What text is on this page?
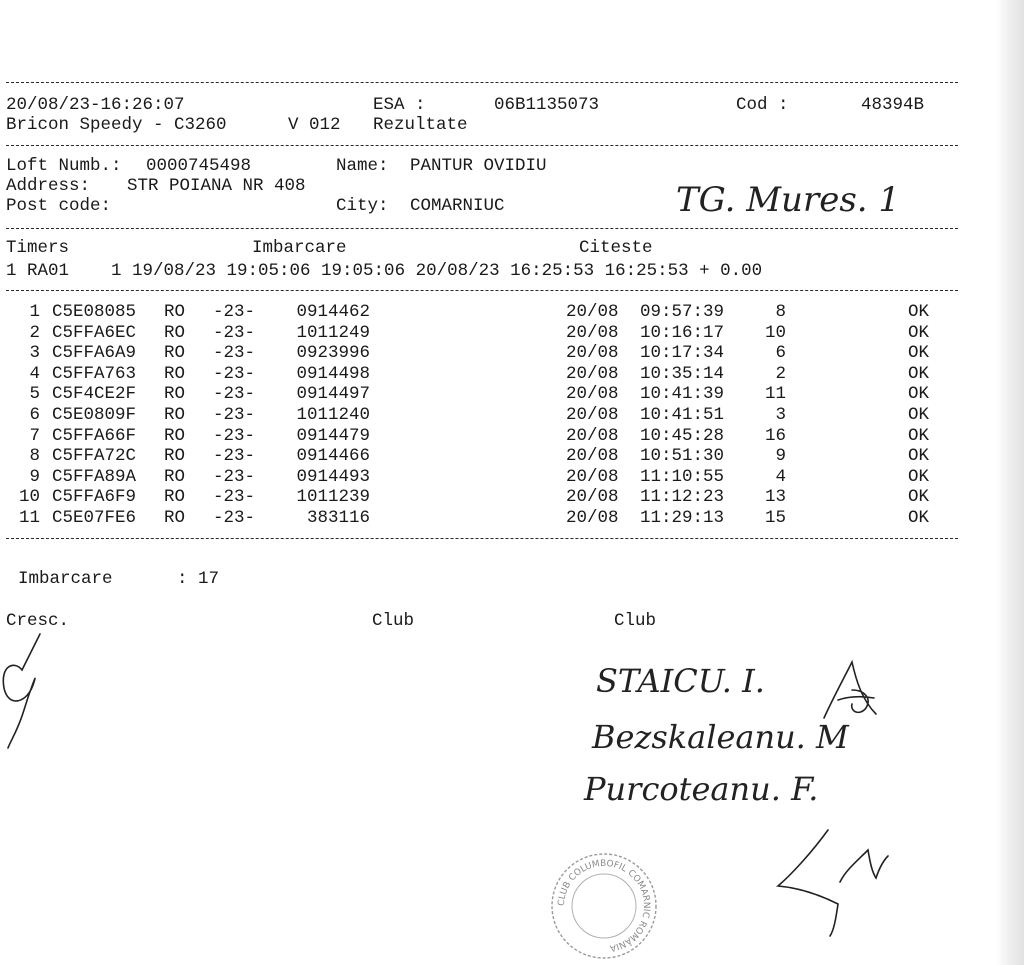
20/08/23-16:26:07	ESA :	06B1135073	Cod :	48394B
Bricon Speedy - C3260	V 012 Rezultate
Loft Numb.: 0000745498	Name: PANTUR OVIDIU
Address: STR POIANA NR 408
Post code:	City: COMARNIUC	TG. Mures. 1
Timers	Imbarcare	Citeste
1 RA01    1 19/08/23 19:05:06 19:05:06 20/08/23 16:25:53 16:25:53 + 0.00
1 C5E08085 RO -23-	0914462	20/08 09:57:39	8	OK
2 C5FFA6EC RO -23-	1011249	20/08 10:16:17	10	OK
3 C5FFA6A9 RO -23-	0923996	20/08 10:17:34	6	OK
4 C5FFA763 RO -23-	0914498	20/08 10:35:14	2	OK
5 C5F4CE2F RO -23-	0914497	20/08 10:41:39	11	OK
6 C5E0809F RO -23-	1011240	20/08 10:41:51	3	OK
7 C5FFA66F RO -23-	0914479	20/08 10:45:28	16	OK
8 C5FFA72C RO -23-	0914466	20/08 10:51:30	9	OK
9 C5FFA89A RO -23-	0914493	20/08 11:10:55	4	OK
10 C5FFA6F9 RO -23-	1011239	20/08 11:12:23	13	OK
11 C5E07FE6 RO -23-	383116	20/08 11:29:13	15	OK
Imbarcare	: 17
Cresc.	Club	Club
STAICU. I.
Bezskaleanu. M
Purcoteanu. F.
CLUB COLUMBOFIL COMARNIC ROMÂNIA
